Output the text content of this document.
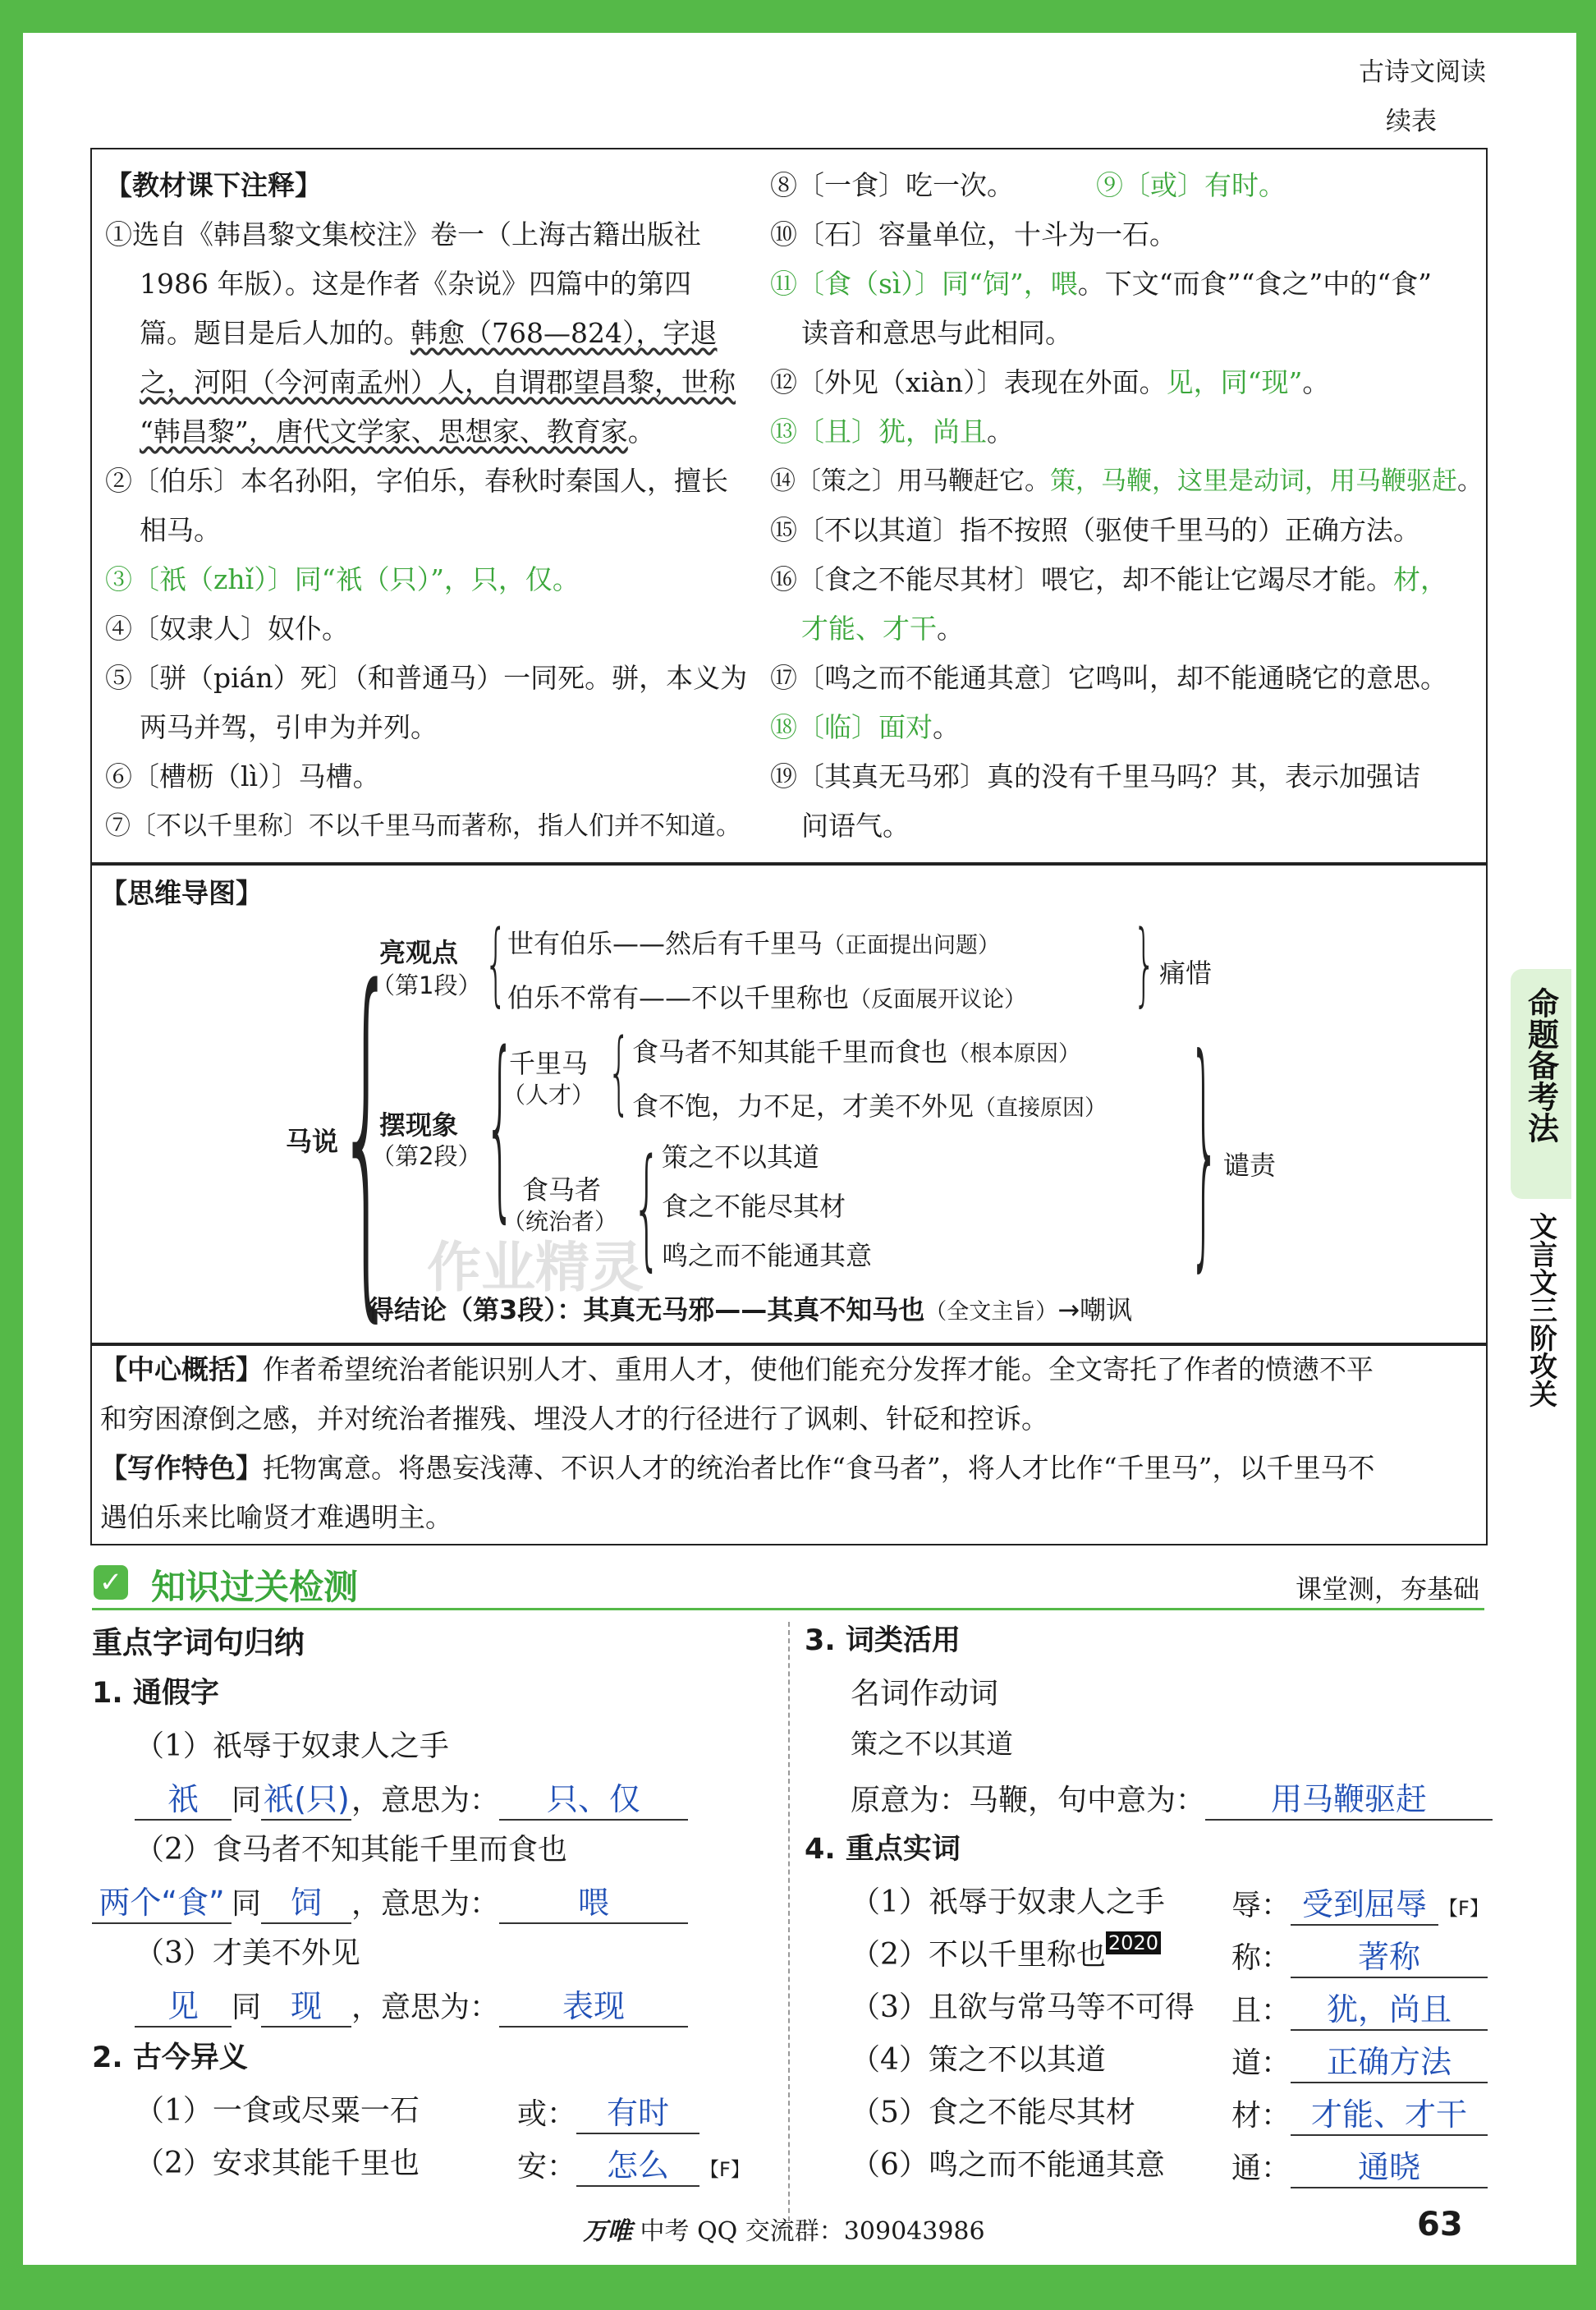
古诗文阅读
续表
【教材课下注释】
①选自《韩昌黎文集校注》卷一（上海古籍出版社
1986 年版）。这是作者《杂说》四篇中的第四
篇。题目是后人加的。韩愈（768—824），字退
之，河阳（今河南孟州）人，自谓郡望昌黎，世称
“韩昌黎”，唐代文学家、思想家、教育家。
②〔伯乐〕本名孙阳，字伯乐，春秋时秦国人，擅长
相马。
③〔祇（zhǐ）〕同“衹（只）”，只，仅。
④〔奴隶人〕奴仆。
⑤〔骈（pián）死〕（和普通马）一同死。骈，本义为
两马并驾，引申为并列。
⑥〔槽枥（lì）〕马槽。
⑦〔不以千里称〕不以千里马而著称，指人们并不知道。
⑧〔一食〕吃一次。	⑨〔或〕有时。
⑩〔石〕容量单位，十斗为一石。
⑪〔食（sì）〕同“饲”，喂。下文“而食”“食之”中的“食”
读音和意思与此相同。
⑫〔外见（xiàn）〕表现在外面。见，同“现”。
⑬〔且〕犹，尚且。
⑭〔策之〕用马鞭赶它。策，马鞭，这里是动词，用马鞭驱赶。
⑮〔不以其道〕指不按照（驱使千里马的）正确方法。
⑯〔食之不能尽其材〕喂它，却不能让它竭尽才能。材，
才能、才干。
⑰〔鸣之而不能通其意〕它鸣叫，却不能通晓它的意思。
⑱〔临〕面对。
⑲〔其真无马邪〕真的没有千里马吗？其，表示加强诘
问语气。
【思维导图】
马说
{
亮观点
（第1段） { 世有伯乐——然后有千里马（正面提出问题）
伯乐不常有——不以千里称也（反面展开议论） } 痛惜
摆现象
（第2段） {
千里马
（人才） { 食马者不知其能千里而食也（根本原因）
食不饱，力不足，才美不外见（直接原因）
食马者
（统治者） { 策之不以其道
食之不能尽其材
鸣之而不能通其意 } 谴责
得结论（第3段）：其真无马邪——其真不知马也（全文主旨）→嘲讽
作业精灵
【中心概括】作者希望统治者能识别人才、重用人才，使他们能充分发挥才能。全文寄托了作者的愤懑不平
和穷困潦倒之感，并对统治者摧残、埋没人才的行径进行了讽刺、针砭和控诉。
【写作特色】托物寓意。将愚妄浅薄、不识人才的统治者比作“食马者”，将人才比作“千里马”，以千里马不
遇伯乐来比喻贤才难遇明主。
命题备考法
文言文三阶攻关
✓ 知识过关检测	课堂测，夯基础
重点字词句归纳
1. 通假字
（1）祇辱于奴隶人之手
祇 同衹(只)，意思为： 只、仅
（2）食马者不知其能千里而食也
两个“食” 同 饲 ，意思为：	喂
（3）才美不外见
见 同 现 ，意思为： 表现
2. 古今异义
（1）一食或尽粟一石	或： 有时
（2）安求其能千里也	安： 怎么 【F】
3. 词类活用
名词作动词
策之不以其道
原意为：马鞭，句中意为： 用马鞭驱赶
4. 重点实词
（1）祇辱于奴隶人之手 辱： 受到屈辱 【F】
（2）不以千里称也 $^{2020}$ 称： 著称
（3）且欲与常马等不可得 且： 犹，尚且
（4）策之不以其道	道： 正确方法
（5）食之不能尽其材	材： 才能、才干
（6）鸣之而不能通其意 通： 通晓
万唯 中考 QQ 交流群：309043986	63
